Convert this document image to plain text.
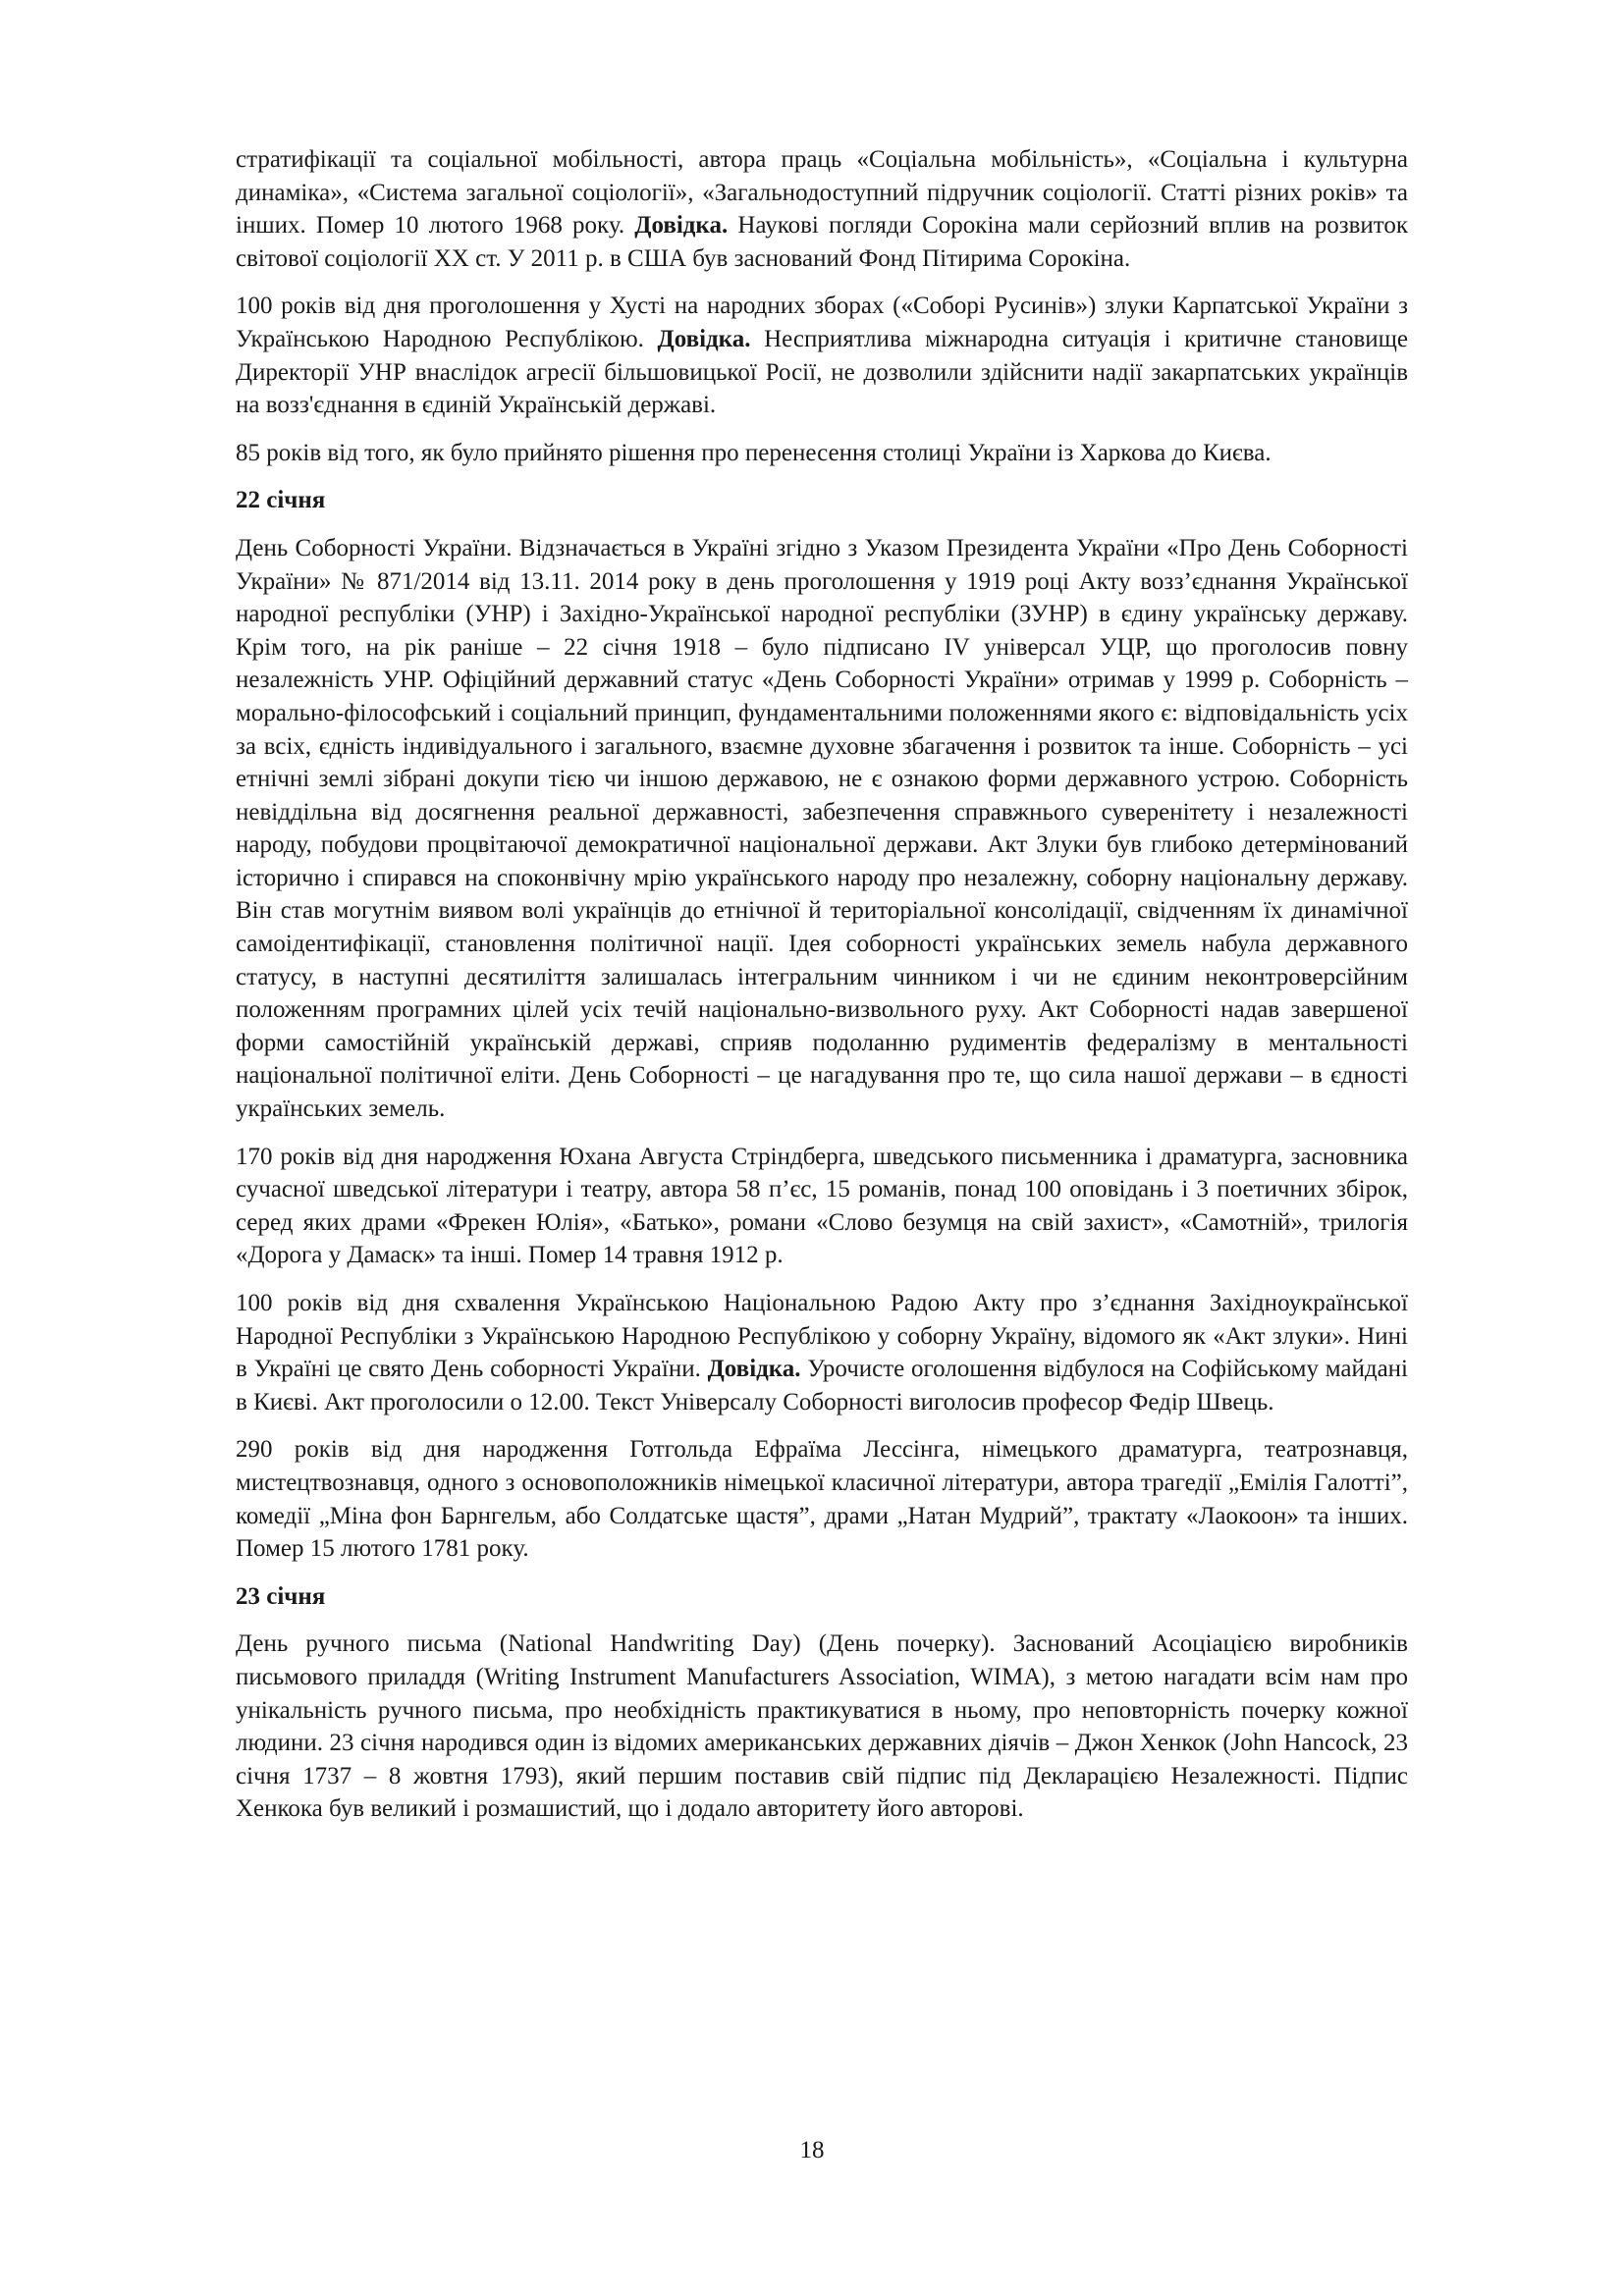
стратифікації та соціальної мобільності, автора праць «Соціальна мобільність», «Соціальна і культурна динаміка», «Система загальної соціології», «Загальнодоступний підручник соціології. Статті різних років» та інших. Помер 10 лютого 1968 року. Довідка. Наукові погляди Сорокіна мали серйозний вплив на розвиток світової соціології ХХ ст. У 2011 р. в США був заснований Фонд Пітирима Сорокіна.

100 років від дня проголошення у Хусті на народних зборах («Соборі Русинів») злуки Карпатської України з Українською Народною Республікою. Довідка. Несприятлива міжнародна ситуація і критичне становище Директорії УНР внаслідок агресії більшовицької Росії, не дозволили здійснити надії закарпатських українців на возз'єднання в єдиній Українській державі.

85 років від того, як було прийнято рішення про перенесення столиці України із Харкова до Києва.

22 січня

День Соборності України. Відзначається в Україні згідно з Указом Президента України «Про День Соборності України» № 871/2014 від 13.11. 2014 року в день проголошення у 1919 році Акту возз’єднання Української народної республіки (УНР) і Західно-Української народної республіки (ЗУНР) в єдину українську державу. Крім того, на рік раніше – 22 січня 1918 – було підписано IV універсал УЦР, що проголосив повну незалежність УНР. Офіційний державний статус «День Соборності України» отримав у 1999 р. Соборність – морально-філософський і соціальний принцип, фундаментальними положеннями якого є: відповідальність усіх за всіх, єдність індивідуального і загального, взаємне духовне збагачення і розвиток та інше. Соборність – усі етнічні землі зібрані докупи тією чи іншою державою, не є ознакою форми державного устрою. Соборність невіддільна від досягнення реальної державності, забезпечення справжнього суверенітету і незалежності народу, побудови процвітаючої демократичної національної держави. Акт Злуки був глибоко детермінований історично і спирався на споконвічну мрію українського народу про незалежну, соборну національну державу. Він став могутнім виявом волі українців до етнічної й територіальної консолідації, свідченням їх динамічної самоідентифікації, становлення політичної нації. Ідея соборності українських земель набула державного статусу, в наступні десятиліття залишалась інтегральним чинником і чи не єдиним неконтроверсійним положенням програмних цілей усіх течій національно-визвольного руху. Акт Соборності надав завершеної форми самостійній українській державі, сприяв подоланню рудиментів федералізму в ментальності національної політичної еліти. День Соборності – це нагадування про те, що сила нашої держави – в єдності українських земель.

170 років від дня народження Юхана Августа Стріндберга, шведського письменника і драматурга, засновника сучасної шведської літератури і театру, автора 58 п’єс, 15 романів, понад 100 оповідань і 3 поетичних збірок, серед яких драми «Фрекен Юлія», «Батько», романи «Слово безумця на свій захист», «Самотній», трилогія «Дорога у Дамаск» та інші. Помер 14 травня 1912 р.

100 років від дня схвалення Українською Національною Радою Акту про з’єднання Західноукраїнської Народної Республіки з Українською Народною Республікою у соборну Україну, відомого як «Акт злуки». Нині в Україні це свято День соборності України. Довідка. Урочисте оголошення відбулося на Софійському майдані в Києві. Акт проголосили о 12.00. Текст Універсалу Соборності виголосив професор Федір Швець.

290 років від дня народження Готгольда Ефраїма Лессінга, німецького драматурга, театрознавця, мистецтвознавця, одного з основоположників німецької класичної літератури, автора трагедії „Емілія Галотті”, комедії „Міна фон Барнгельм, або Солдатське щастя”, драми „Натан Мудрий”, трактату «Лаокоон» та інших. Помер 15 лютого 1781 року.

23 січня

День ручного письма (National Handwriting Day) (День почерку). Заснований Асоціацією виробників письмового приладдя (Writing Instrument Manufacturers Association, WIMA), з метою нагадати всім нам про унікальність ручного письма, про необхідність практикуватися в ньому, про неповторність почерку кожної людини. 23 січня народився один із відомих американських державних діячів – Джон Хенкок (John Hancock, 23 січня 1737 – 8 жовтня 1793), який першим поставив свій підпис під Декларацією Незалежності. Підпис Хенкока був великий і розмашистий, що і додало авторитету його авторові.

18
